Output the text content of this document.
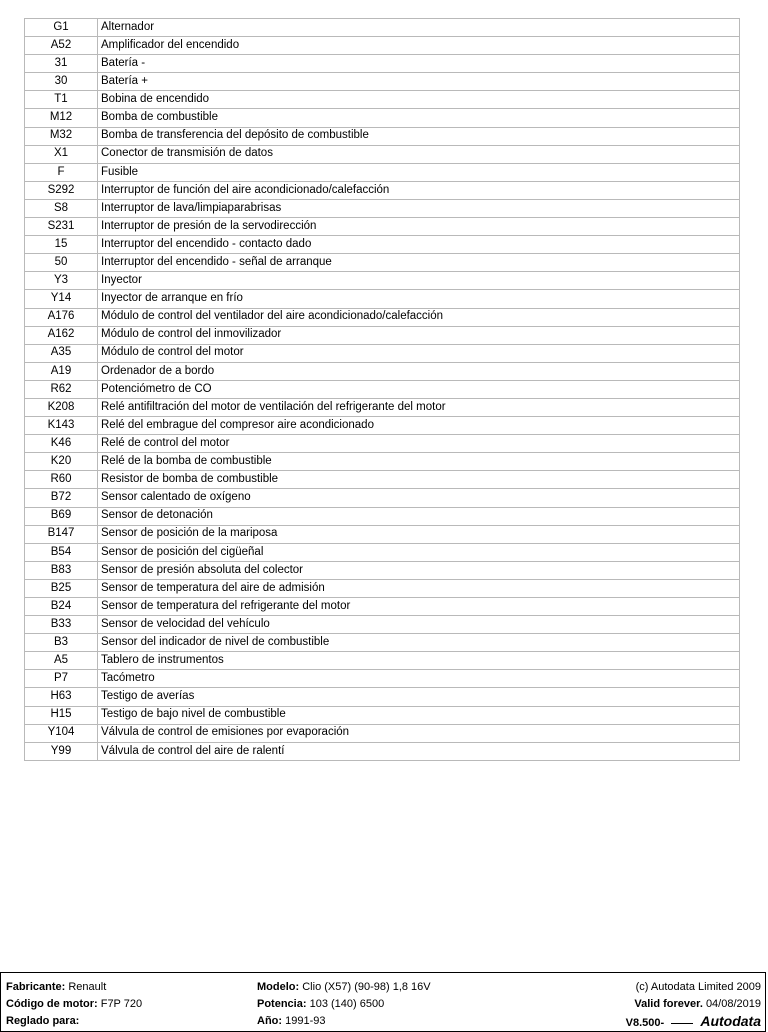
G1	Alternador
A52	Amplificador del encendido
31	Batería -
30	Batería +
T1	Bobina de encendido
M12	Bomba de combustible
M32	Bomba de transferencia del depósito de combustible
X1	Conector de transmisión de datos
F	Fusible
S292	Interruptor de función del aire acondicionado/calefacción
S8	Interruptor de lava/limpiaparabrisas
S231	Interruptor de presión de la servodirección
15	Interruptor del encendido - contacto dado
50	Interruptor del encendido - señal de arranque
Y3	Inyector
Y14	Inyector de arranque en frío
A176	Módulo de control del ventilador del aire acondicionado/calefacción
A162	Módulo de control del inmovilizador
A35	Módulo de control del motor
A19	Ordenador de a bordo
R62	Potenciómetro de CO
K208	Relé antifiltración del motor de ventilación del refrigerante del motor
K143	Relé del embrague del compresor aire acondicionado
K46	Relé de control del motor
K20	Relé de la bomba de combustible
R60	Resistor de bomba de combustible
B72	Sensor calentado de oxígeno
B69	Sensor de detonación
B147	Sensor de posición de la mariposa
B54	Sensor de posición del cigüeñal
B83	Sensor de presión absoluta del colector
B25	Sensor de temperatura del aire de admisión
B24	Sensor de temperatura del refrigerante del motor
B33	Sensor de velocidad del vehículo
B3	Sensor del indicador de nivel de combustible
A5	Tablero de instrumentos
P7	Tacómetro
H63	Testigo de averías
H15	Testigo de bajo nivel de combustible
Y104	Válvula de control de emisiones por evaporación
Y99	Válvula de control del aire de ralentí
Fabricante: Renault
Código de motor: F7P 720
Reglado para:
Modelo: Clio (X57) (90-98) 1,8 16V
Potencia: 103 (140) 6500
Año: 1991-93
(c) Autodata Limited 2009
Valid forever. 04/08/2019
V8.500-	Autodata
